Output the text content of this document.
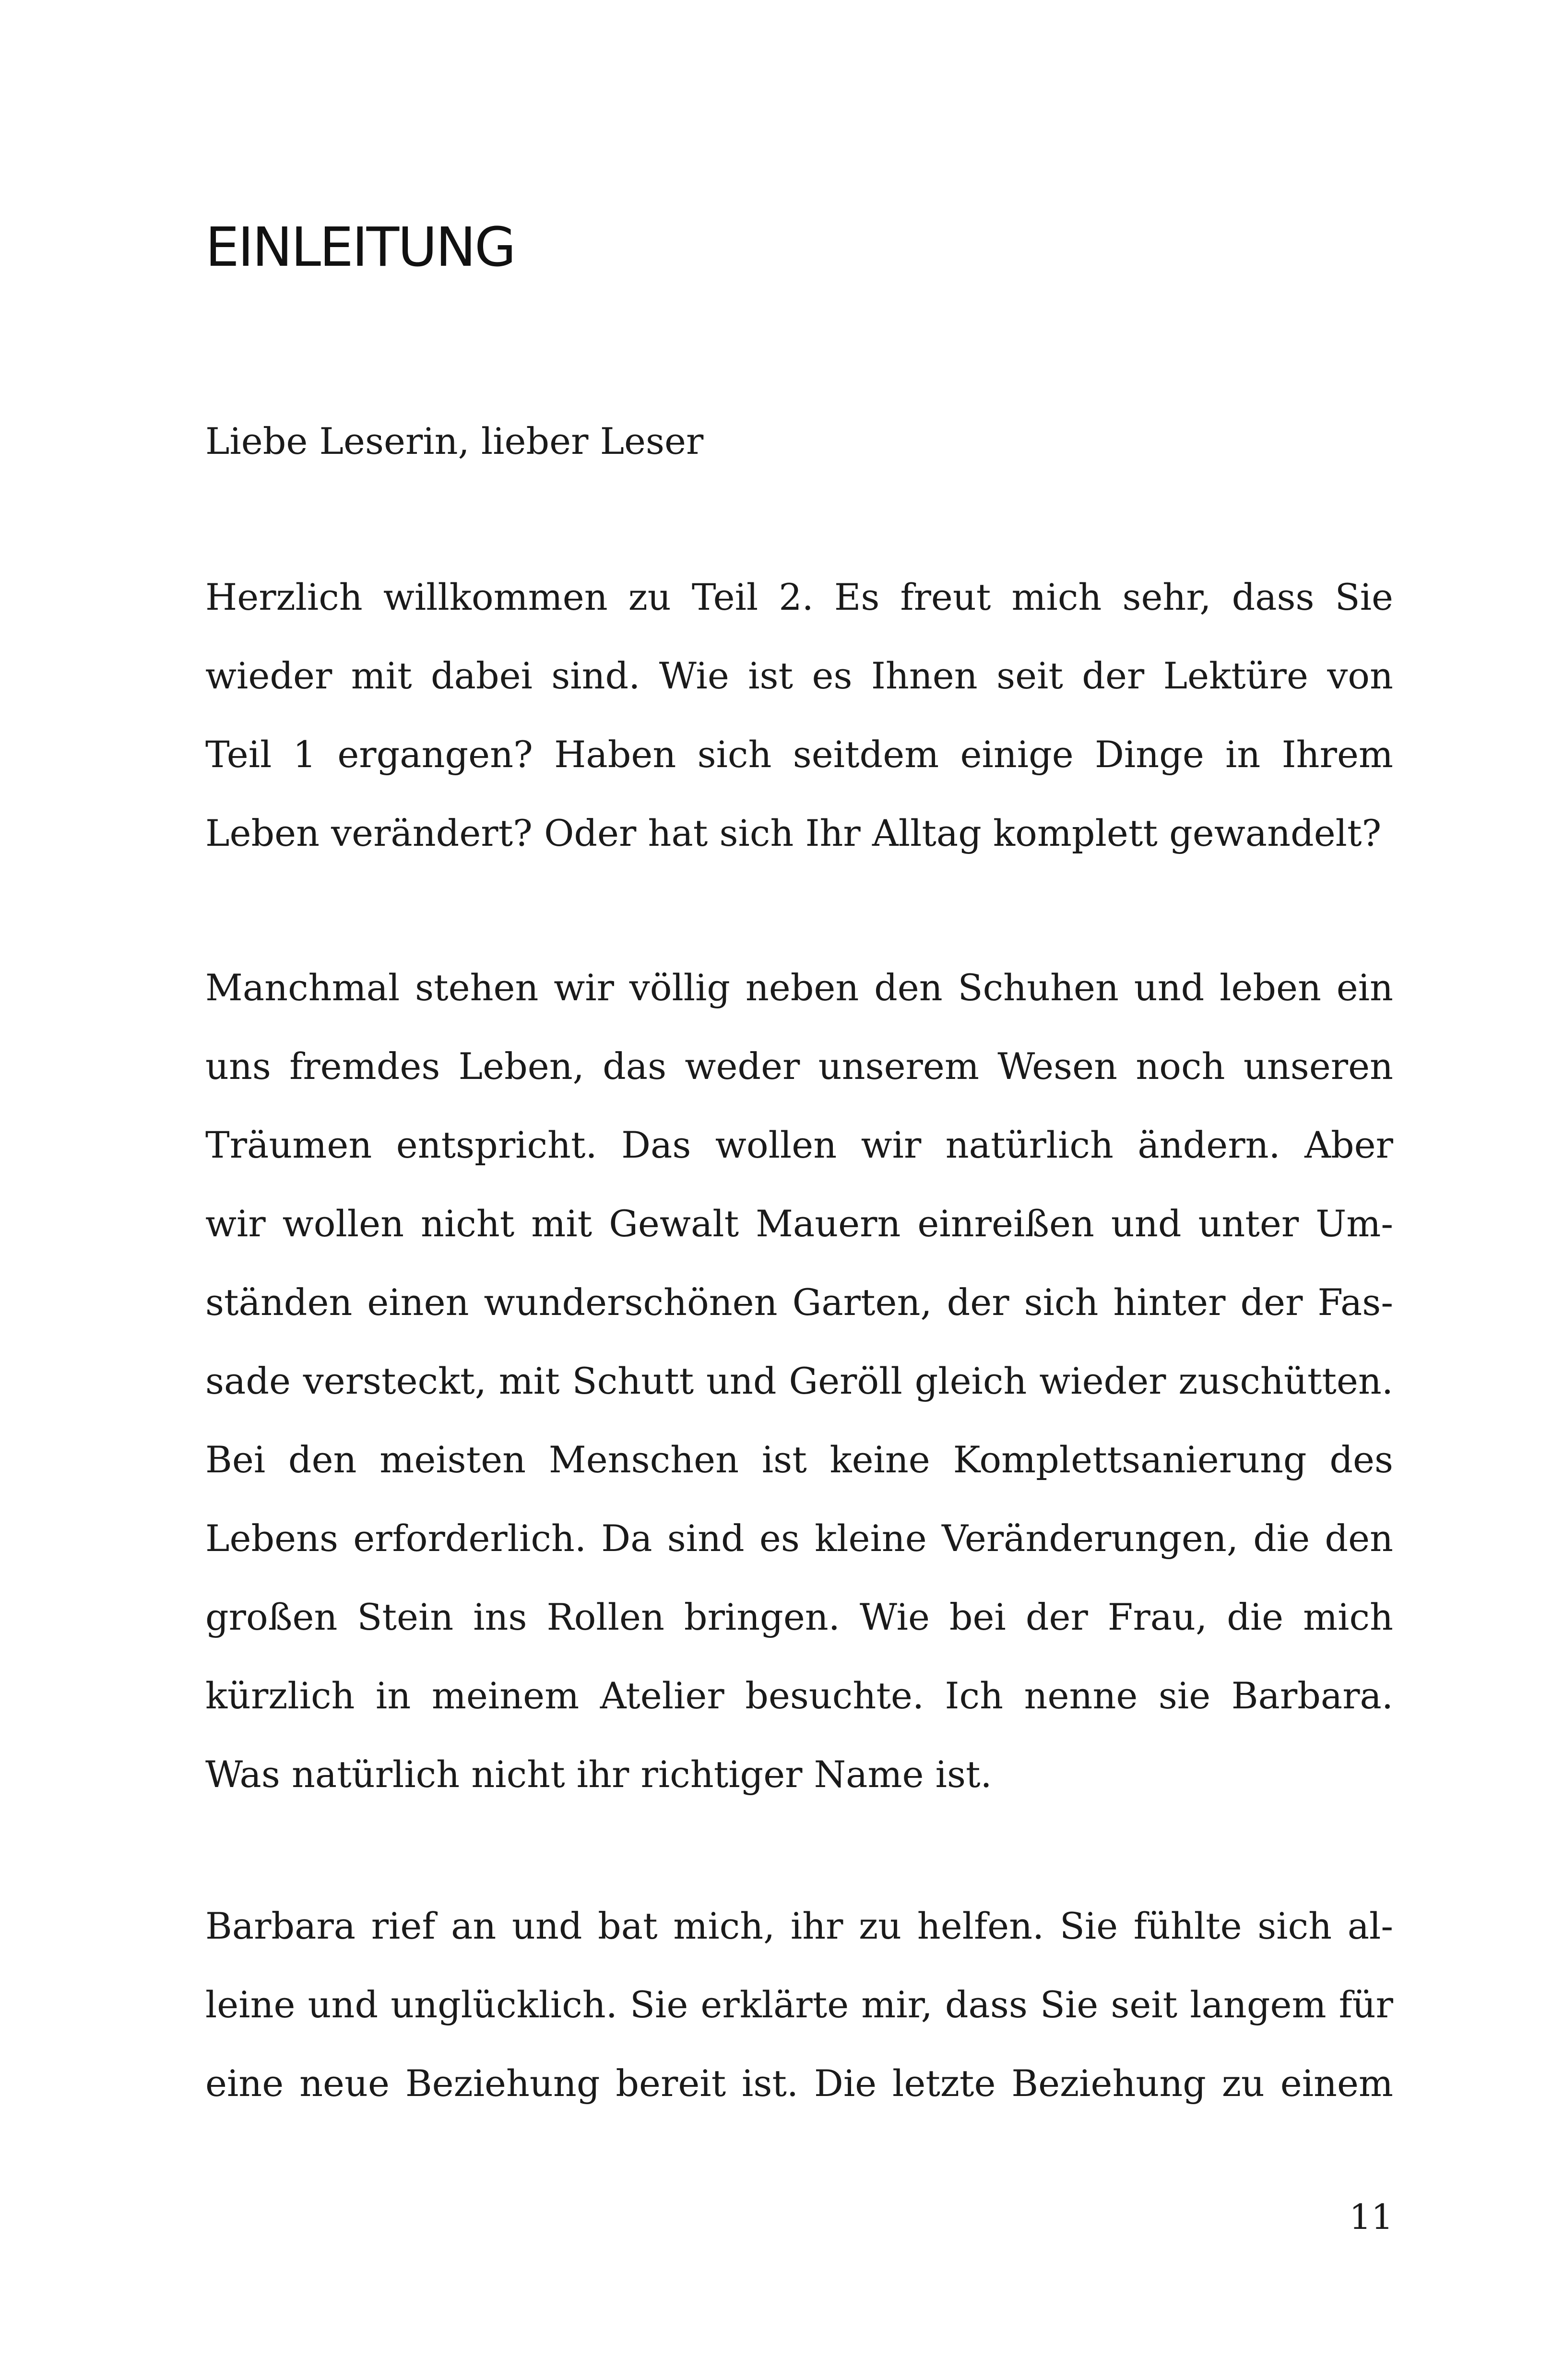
EINLEITUNG

Liebe Leserin, lieber Leser

Herzlich willkommen zu Teil 2. Es freut mich sehr, dass Sie
wieder mit dabei sind. Wie ist es Ihnen seit der Lektüre von
Teil 1 ergangen? Haben sich seitdem einige Dinge in Ihrem
Leben verändert? Oder hat sich Ihr Alltag komplett gewandelt?

Manchmal stehen wir völlig neben den Schuhen und leben ein
uns fremdes Leben, das weder unserem Wesen noch unseren
Träumen entspricht. Das wollen wir natürlich ändern. Aber
wir wollen nicht mit Gewalt Mauern einreißen und unter Um-
ständen einen wunderschönen Garten, der sich hinter der Fas-
sade versteckt, mit Schutt und Geröll gleich wieder zuschütten.
Bei den meisten Menschen ist keine Komplettsanierung des
Lebens erforderlich. Da sind es kleine Veränderungen, die den
großen Stein ins Rollen bringen. Wie bei der Frau, die mich
kürzlich in meinem Atelier besuchte. Ich nenne sie Barbara.
Was natürlich nicht ihr richtiger Name ist.

Barbara rief an und bat mich, ihr zu helfen. Sie fühlte sich al-
leine und unglücklich. Sie erklärte mir, dass Sie seit langem für
eine neue Beziehung bereit ist. Die letzte Beziehung zu einem

11
